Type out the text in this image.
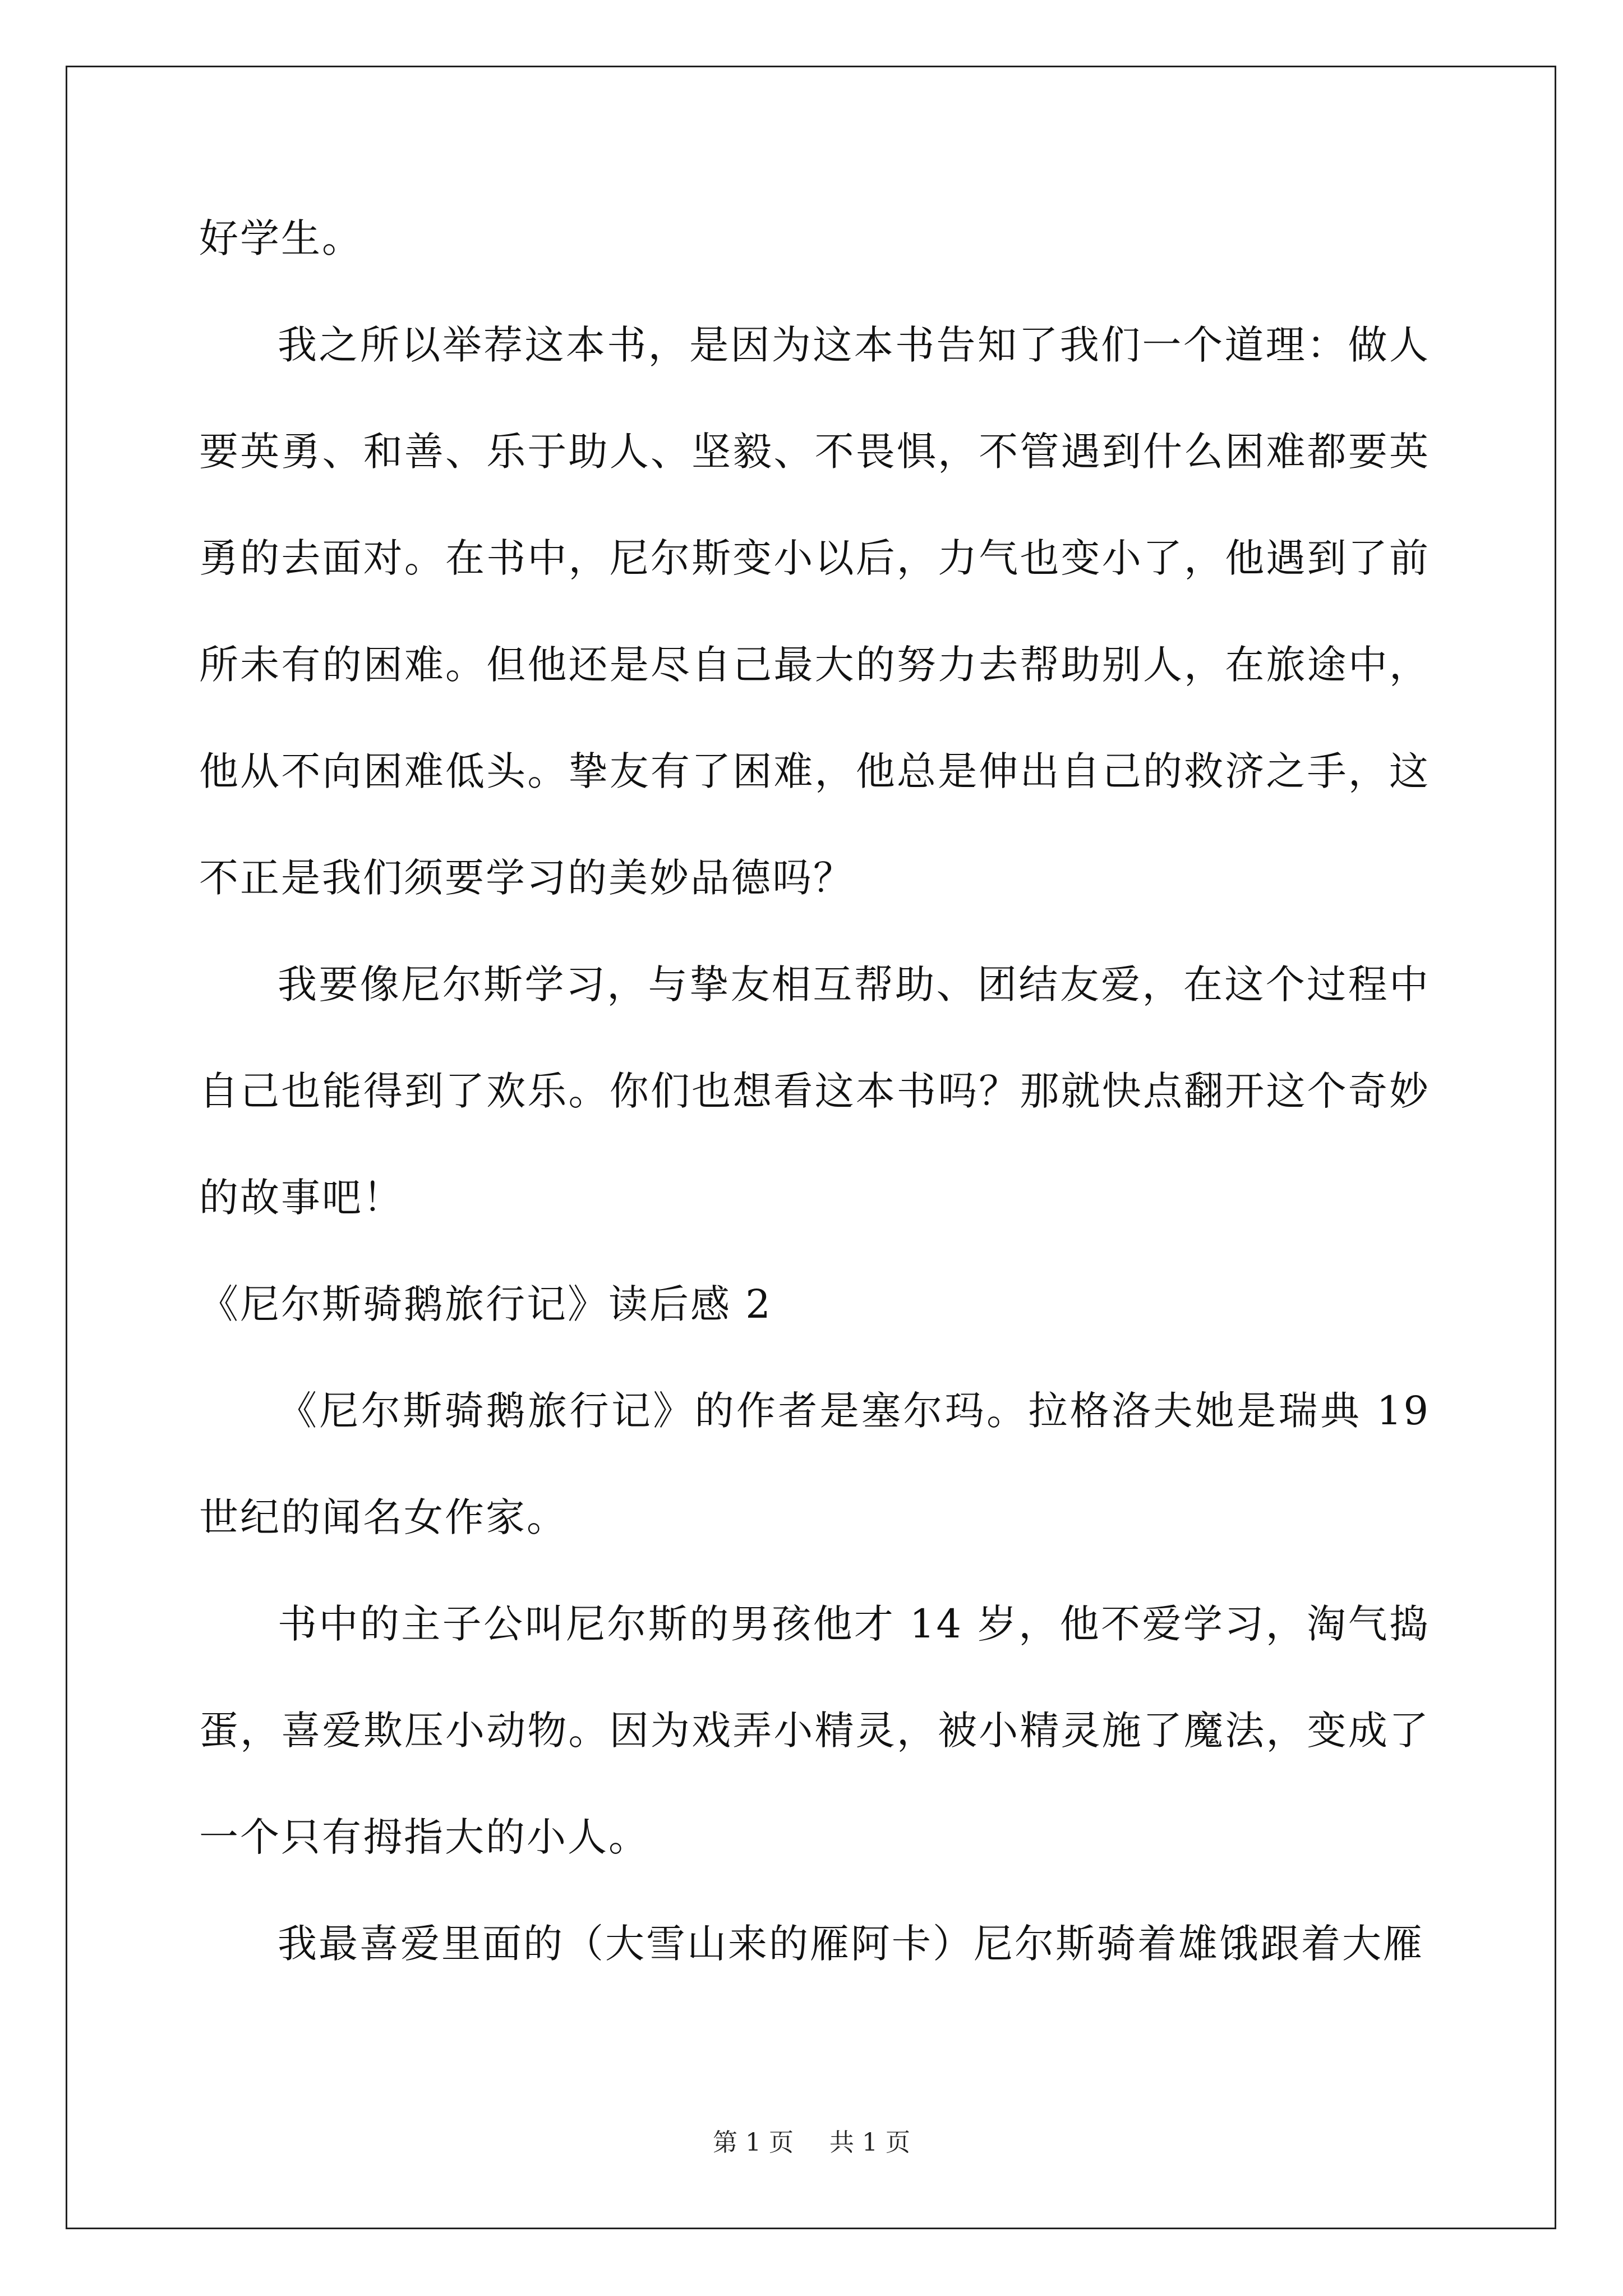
好学生。

我之所以举荐这本书，是因为这本书告知了我们一个道理：做人要英勇、和善、乐于助人、坚毅、不畏惧，不管遇到什么困难都要英勇的去面对。在书中，尼尔斯变小以后，力气也变小了，他遇到了前所未有的困难。但他还是尽自己最大的努力去帮助别人，在旅途中，他从不向困难低头。挚友有了困难，他总是伸出自己的救济之手，这不正是我们须要学习的美妙品德吗？

我要像尼尔斯学习，与挚友相互帮助、团结友爱，在这个过程中自己也能得到了欢乐。你们也想看这本书吗？那就快点翻开这个奇妙的故事吧！

《尼尔斯骑鹅旅行记》读后感 2

《尼尔斯骑鹅旅行记》的作者是塞尔玛。拉格洛夫她是瑞典 19 世纪的闻名女作家。

书中的主子公叫尼尔斯的男孩他才 14 岁，他不爱学习，淘气捣蛋，喜爱欺压小动物。因为戏弄小精灵，被小精灵施了魔法，变成了一个只有拇指大的小人。

我最喜爱里面的（大雪山来的雁阿卡）尼尔斯骑着雄饿跟着大雁

第 1 页 共 1 页
